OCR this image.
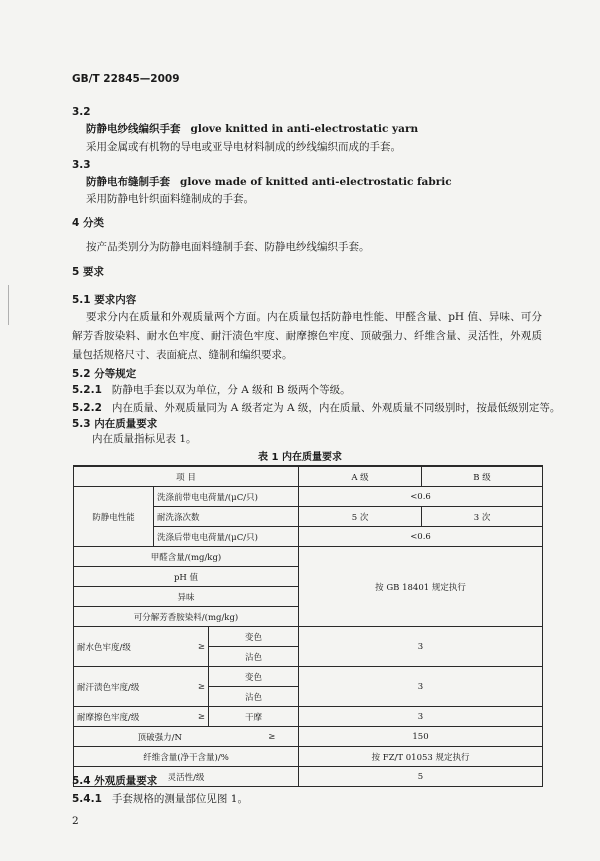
GB/T 22845—2009
3.2
防静电纱线编织手套 glove knitted in anti-electrostatic yarn
采用金属或有机物的导电或亚导电材料制成的纱线编织而成的手套。
3.3
防静电布缝制手套 glove made of knitted anti-electrostatic fabric
采用防静电针织面料缝制成的手套。
4 分类
按产品类别分为防静电面料缝制手套、防静电纱线编织手套。
5 要求
5.1 要求内容
要求分内在质量和外观质量两个方面。内在质量包括防静电性能、甲醛含量、pH 值、异味、可分解芳香胺染料、耐水色牢度、耐汗渍色牢度、耐摩擦色牢度、顶破强力、纤维含量、灵活性，外观质量包括规格尺寸、表面疵点、缝制和编织要求。
5.2 分等规定
5.2.1 防静电手套以双为单位，分 A 级和 B 级两个等级。
5.2.2 内在质量、外观质量同为 A 级者定为 A 级，内在质量、外观质量不同级别时，按最低级别定等。
5.3 内在质量要求
内在质量指标见表 1。
表 1 内在质量要求
项 目				A 级	B 级
防静电性能	洗涤前带电电荷量/(μC/只)			<0.6	
	耐洗涤次数			5 次	3 次
	洗涤后带电电荷量/(μC/只)			<0.6	
甲醛含量/(mg/kg)				按 GB 18401 规定执行	
pH 值					
异味					
可分解芳香胺染料/(mg/kg)					
耐水色牢度/级	≥	变色		3	
		沾色			
耐汗渍色牢度/级	≥	变色		3	
		沾色			
耐摩擦色牢度/级	≥	干摩		3	
顶破强力/N			≥	150	
纤维含量(净干含量)/%				按 FZ/T 01053 规定执行	
灵活性/级				5	
5.4 外观质量要求
5.4.1 手套规格的测量部位见图 1。
2
